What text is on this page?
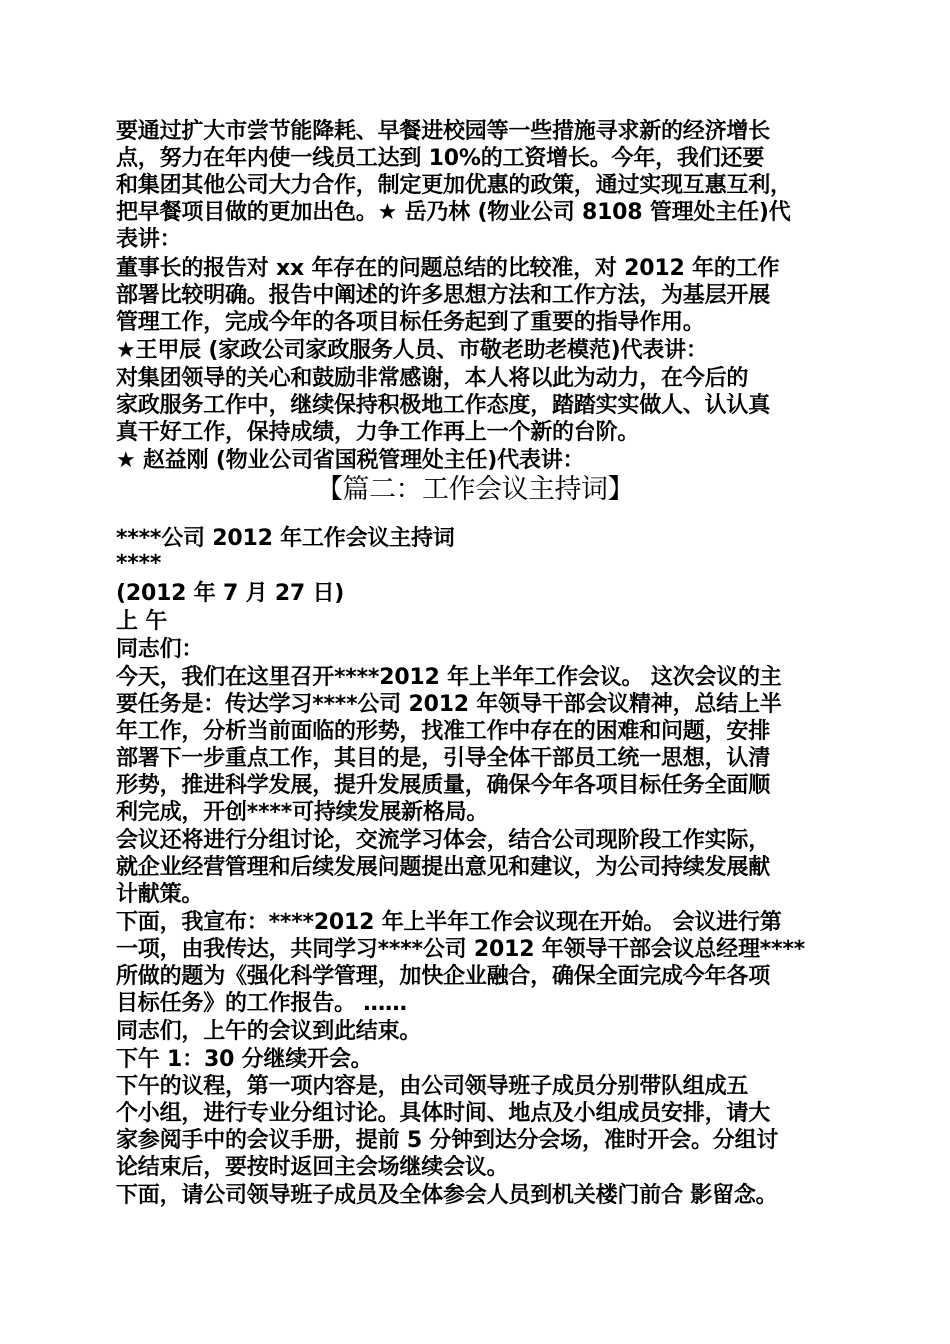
要通过扩大市尝节能降耗、早餐进校园等一些措施寻求新的经济增长
点，努力在年内使一线员工达到 10%的工资增长。今年，我们还要
和集团其他公司大力合作，制定更加优惠的政策，通过实现互惠互利，
把早餐项目做的更加出色。★ 岳乃林 (物业公司 8108 管理处主任)代
表讲：
董事长的报告对 xx 年存在的问题总结的比较准，对 2012 年的工作
部署比较明确。报告中阐述的许多思想方法和工作方法，为基层开展
管理工作，完成今年的各项目标任务起到了重要的指导作用。
★王甲辰 (家政公司家政服务人员、市敬老助老模范)代表讲：
对集团领导的关心和鼓励非常感谢，本人将以此为动力，在今后的
家政服务工作中，继续保持积极地工作态度，踏踏实实做人、认认真
真干好工作，保持成绩，力争工作再上一个新的台阶。
★ 赵益刚 (物业公司省国税管理处主任)代表讲：
【篇二：工作会议主持词】
****公司 2012 年工作会议主持词
****
(2012 年 7 月 27 日)
上 午
同志们：
今天，我们在这里召开****2012 年上半年工作会议。 这次会议的主
要任务是：传达学习****公司 2012 年领导干部会议精神，总结上半
年工作，分析当前面临的形势，找准工作中存在的困难和问题，安排
部署下一步重点工作，其目的是，引导全体干部员工统一思想，认清
形势，推进科学发展，提升发展质量，确保今年各项目标任务全面顺
利完成，开创****可持续发展新格局。
会议还将进行分组讨论，交流学习体会，结合公司现阶段工作实际，
就企业经营管理和后续发展问题提出意见和建议，为公司持续发展献
计献策。
下面，我宣布：****2012 年上半年工作会议现在开始。 会议进行第
一项，由我传达，共同学习****公司 2012 年领导干部会议总经理****
所做的题为《强化科学管理，加快企业融合，确保全面完成今年各项
目标任务》的工作报告。 ……
同志们，上午的会议到此结束。
下午 1：30 分继续开会。
下午的议程，第一项内容是，由公司领导班子成员分别带队组成五
个小组，进行专业分组讨论。具体时间、地点及小组成员安排，请大
家参阅手中的会议手册，提前 5 分钟到达分会场，准时开会。分组讨
论结束后，要按时返回主会场继续会议。
下面，请公司领导班子成员及全体参会人员到机关楼门前合 影留念。
